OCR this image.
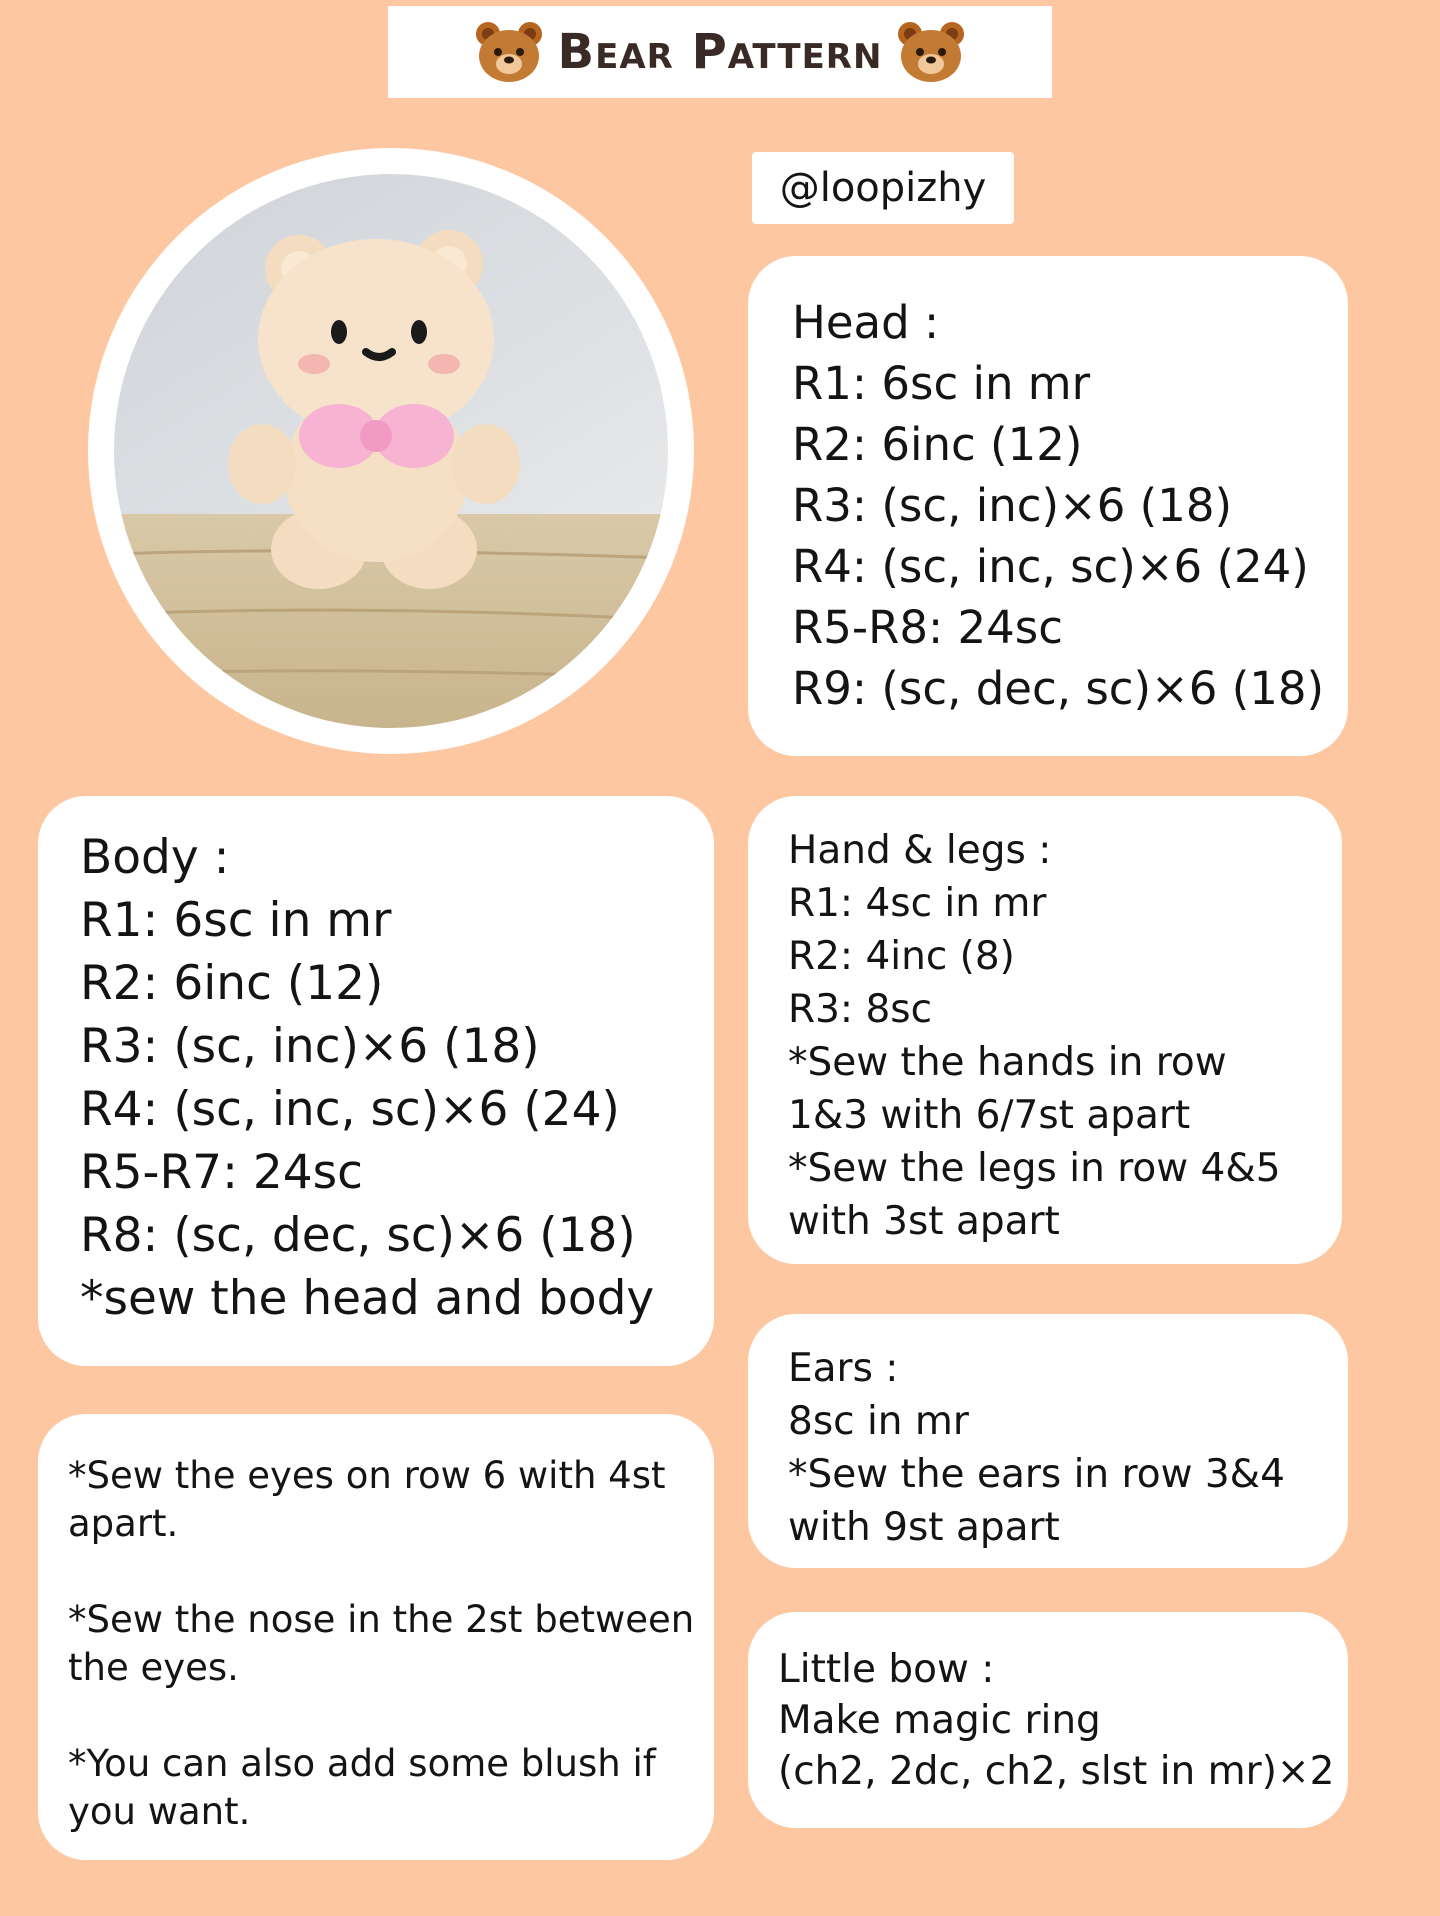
Bear Pattern
@loopizhy
Head :
R1: 6sc in mr
R2: 6inc (12)
R3: (sc, inc)×6 (18)
R4: (sc, inc, sc)×6 (24)
R5-R8: 24sc
R9: (sc, dec, sc)×6 (18)
Body :
R1: 6sc in mr
R2: 6inc (12)
R3: (sc, inc)×6 (18)
R4: (sc, inc, sc)×6 (24)
R5-R7: 24sc
R8: (sc, dec, sc)×6 (18)
*sew the head and body
Hand & legs :
R1: 4sc in mr
R2: 4inc (8)
R3: 8sc
*Sew the hands in row
1&3 with 6/7st apart
*Sew the legs in row 4&5
with 3st apart
Ears :
8sc in mr
*Sew the ears in row 3&4
with 9st apart
*Sew the eyes on row 6 with 4st
apart.
*Sew the nose in the 2st between
the eyes.
*You can also add some blush if
you want.
Little bow :
Make magic ring
(ch2, 2dc, ch2, slst in mr)×2
